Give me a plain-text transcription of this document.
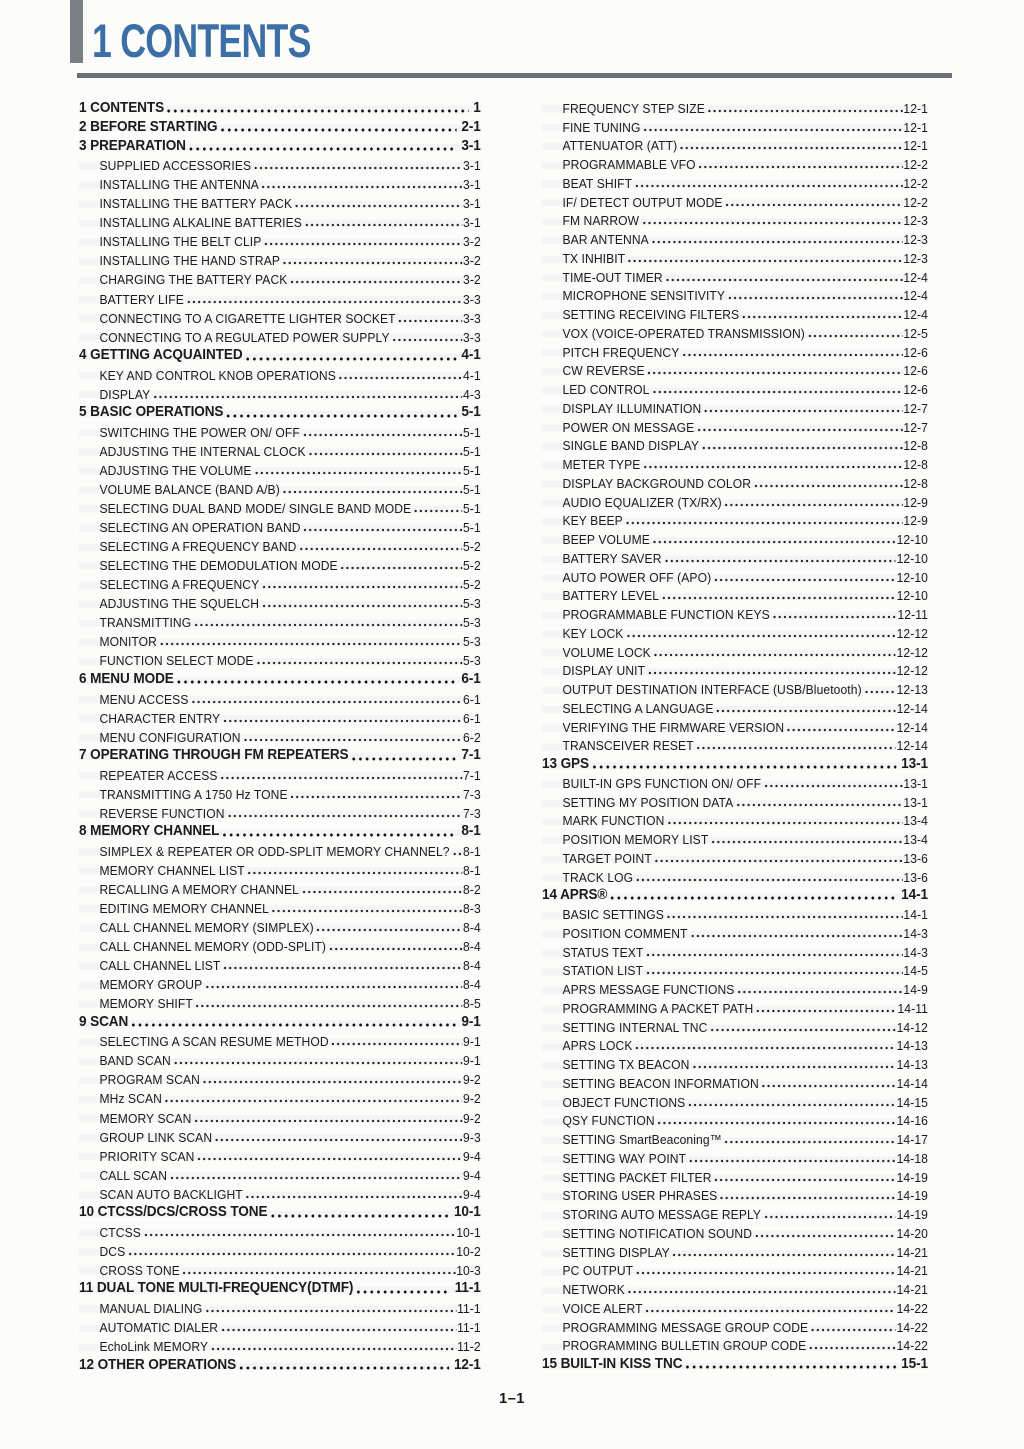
1 CONTENTS
1 CONTENTS	1
2 BEFORE STARTING	2-1
3 PREPARATION	3-1
SUPPLIED ACCESSORIES	3-1
INSTALLING THE ANTENNA	3-1
INSTALLING THE BATTERY PACK	3-1
INSTALLING ALKALINE BATTERIES	3-1
INSTALLING THE BELT CLIP	3-2
INSTALLING THE HAND STRAP	3-2
CHARGING THE BATTERY PACK	3-2
BATTERY LIFE	3-3
CONNECTING TO A CIGARETTE LIGHTER SOCKET	3-3
CONNECTING TO A REGULATED POWER SUPPLY	3-3
4 GETTING ACQUAINTED	4-1
KEY AND CONTROL KNOB OPERATIONS	4-1
DISPLAY	4-3
5 BASIC OPERATIONS	5-1
SWITCHING THE POWER ON/ OFF	5-1
ADJUSTING THE INTERNAL CLOCK	5-1
ADJUSTING THE VOLUME	5-1
VOLUME BALANCE (BAND A/B)	5-1
SELECTING DUAL BAND MODE/ SINGLE BAND MODE	5-1
SELECTING AN OPERATION BAND	5-1
SELECTING A FREQUENCY BAND	5-2
SELECTING THE DEMODULATION MODE	5-2
SELECTING A FREQUENCY	5-2
ADJUSTING THE SQUELCH	5-3
TRANSMITTING	5-3
MONITOR	5-3
FUNCTION SELECT MODE	5-3
6 MENU MODE	6-1
MENU ACCESS	6-1
CHARACTER ENTRY	6-1
MENU CONFIGURATION	6-2
7 OPERATING THROUGH FM REPEATERS	7-1
REPEATER ACCESS	7-1
TRANSMITTING A 1750 Hz TONE	7-3
REVERSE FUNCTION	7-3
8 MEMORY CHANNEL	8-1
SIMPLEX & REPEATER OR ODD-SPLIT MEMORY CHANNEL? 8-1
MEMORY CHANNEL LIST	8-1
RECALLING A MEMORY CHANNEL	8-2
EDITING MEMORY CHANNEL	8-3
CALL CHANNEL MEMORY (SIMPLEX)	8-4
CALL CHANNEL MEMORY (ODD-SPLIT)	8-4
CALL CHANNEL LIST	8-4
MEMORY GROUP	8-4
MEMORY SHIFT	8-5
9 SCAN	9-1
SELECTING A SCAN RESUME METHOD	9-1
BAND SCAN	9-1
PROGRAM SCAN	9-2
MHz SCAN	9-2
MEMORY SCAN	9-2
GROUP LINK SCAN	9-3
PRIORITY SCAN	9-4
CALL SCAN	9-4
SCAN AUTO BACKLIGHT	9-4
10 CTCSS/DCS/CROSS TONE	10-1
CTCSS	10-1
DCS	10-2
CROSS TONE	10-3
11 DUAL TONE MULTI-FREQUENCY(DTMF)	11-1
MANUAL DIALING	11-1
AUTOMATIC DIALER	11-1
EchoLink MEMORY	11-2
12 OTHER OPERATIONS	12-1
FREQUENCY STEP SIZE	12-1
FINE TUNING	12-1
ATTENUATOR (ATT)	12-1
PROGRAMMABLE VFO	12-2
BEAT SHIFT	12-2
IF/ DETECT OUTPUT MODE	12-2
FM NARROW	12-3
BAR ANTENNA	12-3
TX INHIBIT	12-3
TIME-OUT TIMER	12-4
MICROPHONE SENSITIVITY	12-4
SETTING RECEIVING FILTERS	12-4
VOX (VOICE-OPERATED TRANSMISSION)	12-5
PITCH FREQUENCY	12-6
CW REVERSE	12-6
LED CONTROL	12-6
DISPLAY ILLUMINATION	12-7
POWER ON MESSAGE	12-7
SINGLE BAND DISPLAY	12-8
METER TYPE	12-8
DISPLAY BACKGROUND COLOR	12-8
AUDIO EQUALIZER (TX/RX)	12-9
KEY BEEP	12-9
BEEP VOLUME	12-10
BATTERY SAVER	12-10
AUTO POWER OFF (APO)	12-10
BATTERY LEVEL	12-10
PROGRAMMABLE FUNCTION KEYS	12-11
KEY LOCK	12-12
VOLUME LOCK	12-12
DISPLAY UNIT	12-12
OUTPUT DESTINATION INTERFACE (USB/Bluetooth)	12-13
SELECTING A LANGUAGE	12-14
VERIFYING THE FIRMWARE VERSION	12-14
TRANSCEIVER RESET	12-14
13 GPS	13-1
BUILT-IN GPS FUNCTION ON/ OFF	13-1
SETTING MY POSITION DATA	13-1
MARK FUNCTION	13-4
POSITION MEMORY LIST	13-4
TARGET POINT	13-6
TRACK LOG	13-6
14 APRS®	14-1
BASIC SETTINGS	14-1
POSITION COMMENT	14-3
STATUS TEXT	14-3
STATION LIST	14-5
APRS MESSAGE FUNCTIONS	14-9
PROGRAMMING A PACKET PATH	14-11
SETTING INTERNAL TNC	14-12
APRS LOCK	14-13
SETTING TX BEACON	14-13
SETTING BEACON INFORMATION	14-14
OBJECT FUNCTIONS	14-15
QSY FUNCTION	14-16
SETTING SmartBeaconing™	14-17
SETTING WAY POINT	14-18
SETTING PACKET FILTER	14-19
STORING USER PHRASES	14-19
STORING AUTO MESSAGE REPLY	14-19
SETTING NOTIFICATION SOUND	14-20
SETTING DISPLAY	14-21
PC OUTPUT	14-21
NETWORK	14-21
VOICE ALERT	14-22
PROGRAMMING MESSAGE GROUP CODE	14-22
PROGRAMMING BULLETIN GROUP CODE	14-22
15 BUILT-IN KISS TNC	15-1
1–1
